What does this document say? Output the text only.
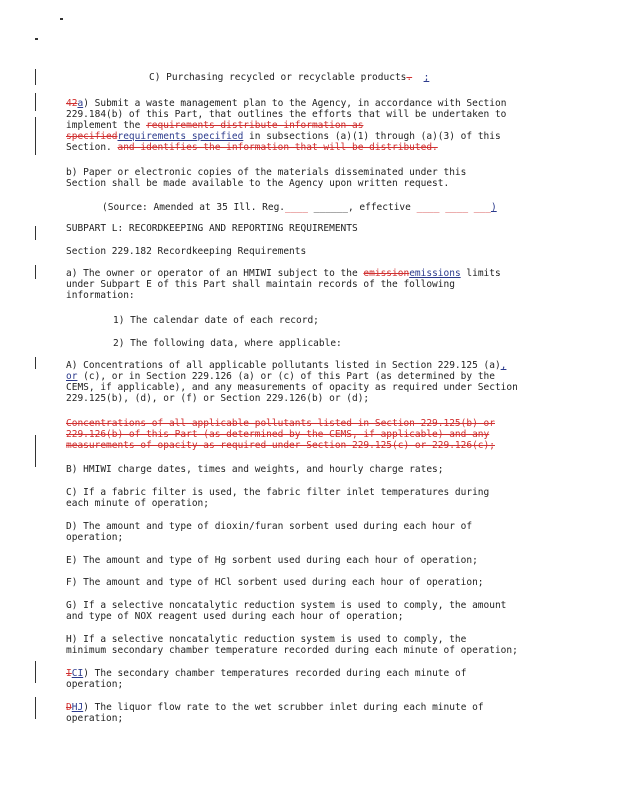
C) Purchasing recycled or recyclable products. ;
42a) Submit a waste management plan to the Agency, in accordance with Section
229.184(b) of this Part, that outlines the efforts that will be undertaken to
implement the requirements distribute information as
specifiedrequirements specified in subsections (a)(1) through (a)(3) of this
Section. and identifies the information that will be distributed.
b) Paper or electronic copies of the materials disseminated under this
Section shall be made available to the Agency upon written request.
(Source: Amended at 35 Ill. Reg.____ ______, effective ____ ____ ___)
SUBPART L: RECORDKEEPING AND REPORTING REQUIREMENTS
Section 229.182 Recordkeeping Requirements
a) The owner or operator of an HMIWI subject to the emissionemissions limits
under Subpart E of this Part shall maintain records of the following
information:
1) The calendar date of each record;
2) The following data, where applicable:
A) Concentrations of all applicable pollutants listed in Section 229.125 (a),
or (c), or in Section 229.126 (a) or (c) of this Part (as determined by the
CEMS, if applicable), and any measurements of opacity as required under Section
229.125(b), (d), or (f) or Section 229.126(b) or (d);
Concentrations of all applicable pollutants listed in Section 229.125(b) or
229.126(b) of this Part (as determined by the CEMS, if applicable) and any
measurements of opacity as required under Section 229.125(c) or 229.126(c);
B) HMIWI charge dates, times and weights, and hourly charge rates;
C) If a fabric filter is used, the fabric filter inlet temperatures during
each minute of operation;
D) The amount and type of dioxin/furan sorbent used during each hour of
operation;
E) The amount and type of Hg sorbent used during each hour of operation;
F) The amount and type of HCl sorbent used during each hour of operation;
G) If a selective noncatalytic reduction system is used to comply, the amount
and type of NOX reagent used during each hour of operation;
H) If a selective noncatalytic reduction system is used to comply, the
minimum secondary chamber temperature recorded during each minute of operation;
ICI) The secondary chamber temperatures recorded during each minute of
operation;
DHJ) The liquor flow rate to the wet scrubber inlet during each minute of
operation;
